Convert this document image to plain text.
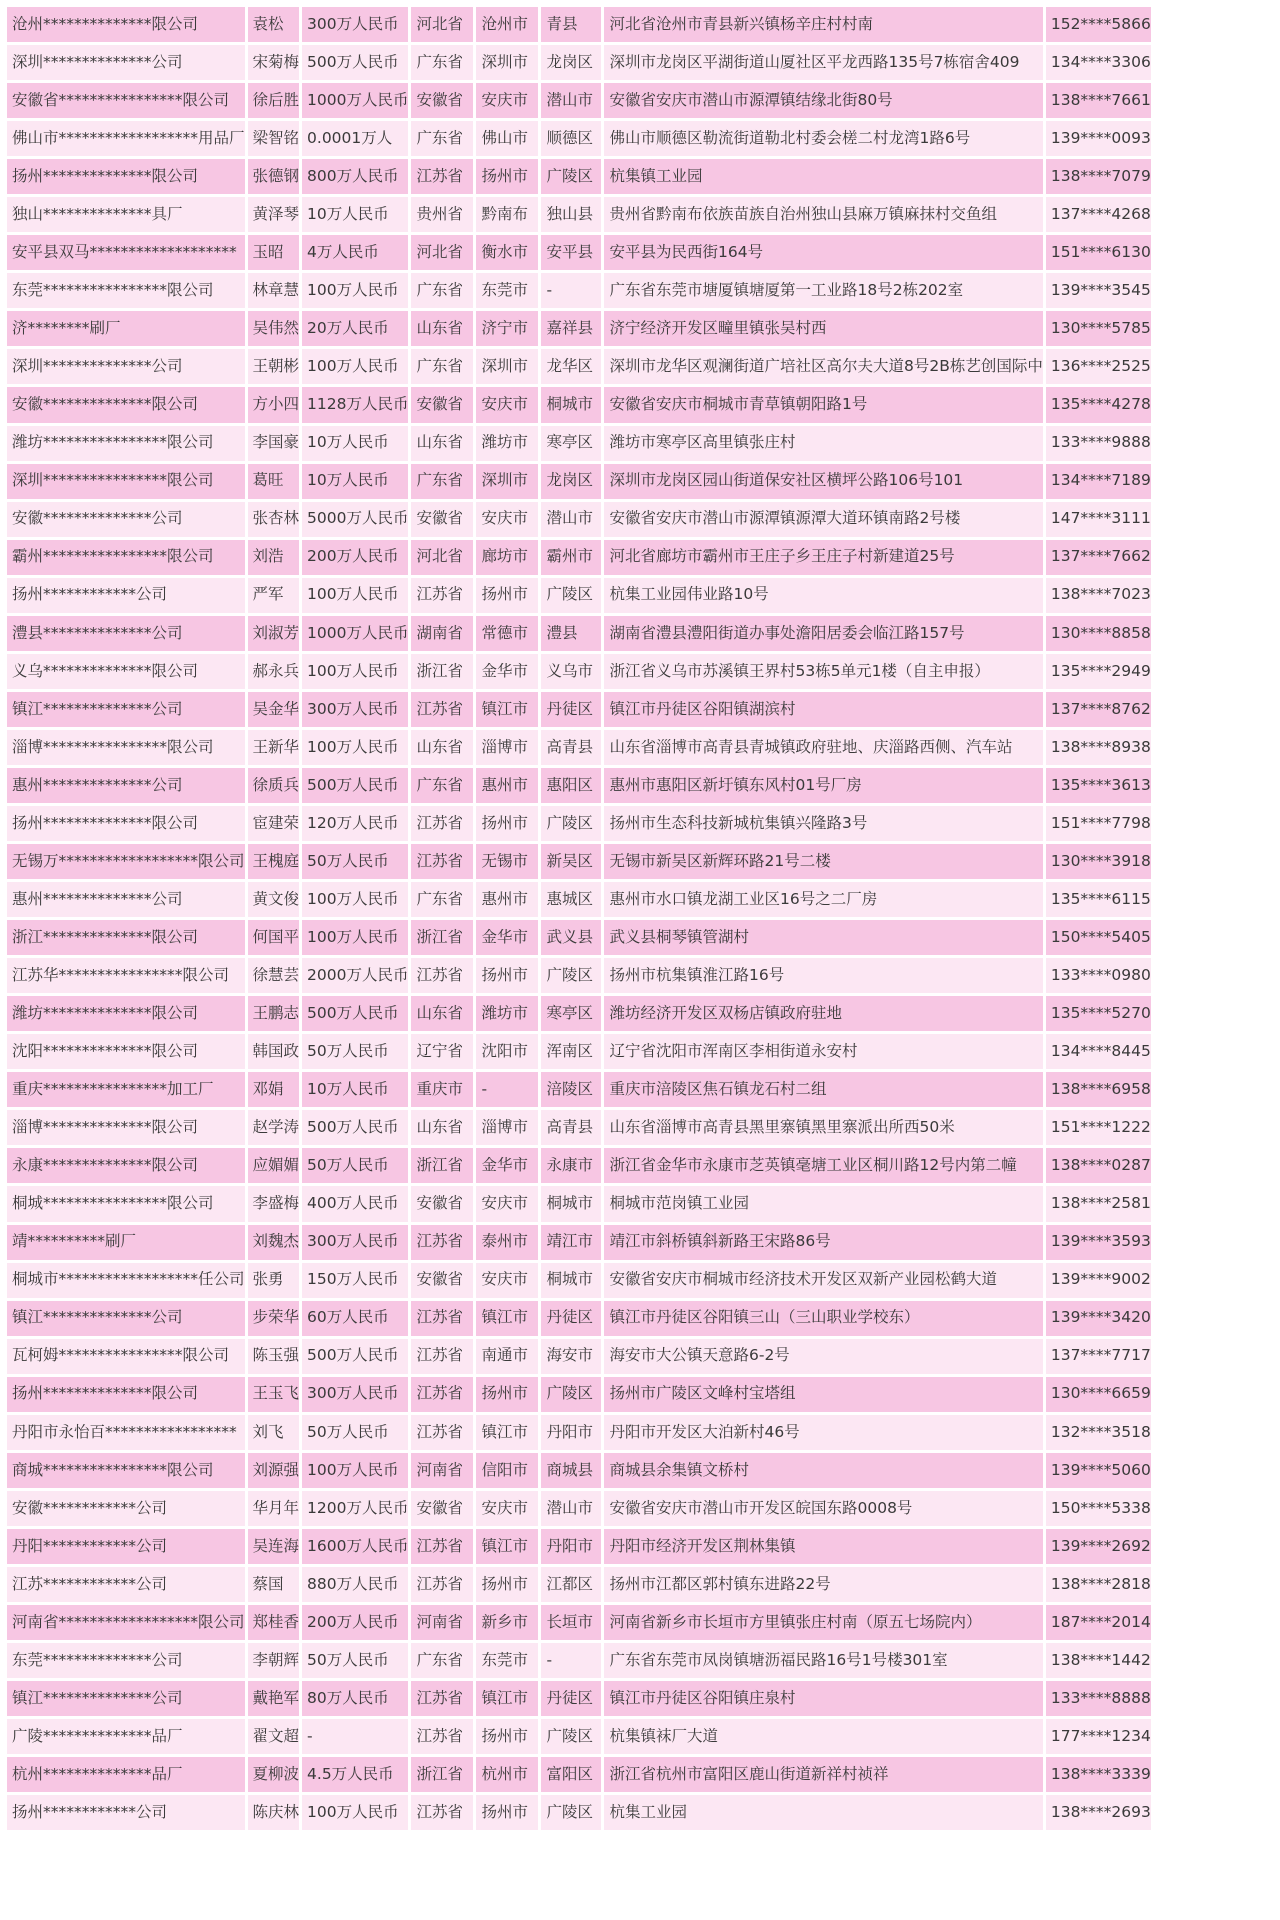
沧州**************限公司	袁松	300万人民币	河北省	沧州市	青县	河北省沧州市青县新兴镇杨辛庄村村南	152****5866
深圳**************公司	宋菊梅	500万人民币	广东省	深圳市	龙岗区	深圳市龙岗区平湖街道山厦社区平龙西路135号7栋宿舍409	134****3306
安徽省****************限公司	徐后胜	1000万人民币	安徽省	安庆市	潜山市	安徽省安庆市潜山市源潭镇结缘北街80号	138****7661
佛山市******************用品厂	梁智铭	0.0001万人	广东省	佛山市	顺德区	佛山市顺德区勒流街道勒北村委会槎二村龙湾1路6号	139****0093
扬州**************限公司	张德钢	800万人民币	江苏省	扬州市	广陵区	杭集镇工业园	138****7079
独山**************具厂	黄泽琴	10万人民币	贵州省	黔南布	独山县	贵州省黔南布依族苗族自治州独山县麻万镇麻抹村交鱼组	137****4268
安平县双马*******************	玉昭	4万人民币	河北省	衡水市	安平县	安平县为民西街164号	151****6130
东莞****************限公司	林章慧	100万人民币	广东省	东莞市	-	广东省东莞市塘厦镇塘厦第一工业路18号2栋202室	139****3545
济********刷厂	吴伟然	20万人民币	山东省	济宁市	嘉祥县	济宁经济开发区疃里镇张吴村西	130****5785
深圳**************公司	王朝彬	100万人民币	广东省	深圳市	龙华区	深圳市龙华区观澜街道广培社区高尔夫大道8号2B栋艺创国际中	136****2525
安徽**************限公司	方小四	1128万人民币	安徽省	安庆市	桐城市	安徽省安庆市桐城市青草镇朝阳路1号	135****4278
潍坊****************限公司	李国豪	10万人民币	山东省	潍坊市	寒亭区	潍坊市寒亭区高里镇张庄村	133****9888
深圳****************限公司	葛旺	10万人民币	广东省	深圳市	龙岗区	深圳市龙岗区园山街道保安社区横坪公路106号101	134****7189
安徽**************公司	张杏林	5000万人民币	安徽省	安庆市	潜山市	安徽省安庆市潜山市源潭镇源潭大道环镇南路2号楼	147****3111
霸州****************限公司	刘浩	200万人民币	河北省	廊坊市	霸州市	河北省廊坊市霸州市王庄子乡王庄子村新建道25号	137****7662
扬州************公司	严军	100万人民币	江苏省	扬州市	广陵区	杭集工业园伟业路10号	138****7023
澧县**************公司	刘淑芳	1000万人民币	湖南省	常德市	澧县	湖南省澧县澧阳街道办事处澹阳居委会临江路157号	130****8858
义乌**************限公司	郝永兵	100万人民币	浙江省	金华市	义乌市	浙江省义乌市苏溪镇王界村53栋5单元1楼（自主申报）	135****2949
镇江**************公司	吴金华	300万人民币	江苏省	镇江市	丹徒区	镇江市丹徒区谷阳镇湖滨村	137****8762
淄博****************限公司	王新华	100万人民币	山东省	淄博市	高青县	山东省淄博市高青县青城镇政府驻地、庆淄路西侧、汽车站	138****8938
惠州**************公司	徐质兵	500万人民币	广东省	惠州市	惠阳区	惠州市惠阳区新圩镇东风村01号厂房	135****3613
扬州**************限公司	宦建荣	120万人民币	江苏省	扬州市	广陵区	扬州市生态科技新城杭集镇兴隆路3号	151****7798
无锡万******************限公司	王槐庭	50万人民币	江苏省	无锡市	新吴区	无锡市新吴区新辉环路21号二楼	130****3918
惠州**************公司	黄文俊	100万人民币	广东省	惠州市	惠城区	惠州市水口镇龙湖工业区16号之二厂房	135****6115
浙江**************限公司	何国平	100万人民币	浙江省	金华市	武义县	武义县桐琴镇管湖村	150****5405
江苏华****************限公司	徐慧芸	2000万人民币	江苏省	扬州市	广陵区	扬州市杭集镇淮江路16号	133****0980
潍坊**************限公司	王鹏志	500万人民币	山东省	潍坊市	寒亭区	潍坊经济开发区双杨店镇政府驻地	135****5270
沈阳**************限公司	韩国政	50万人民币	辽宁省	沈阳市	浑南区	辽宁省沈阳市浑南区李相街道永安村	134****8445
重庆****************加工厂	邓娟	10万人民币	重庆市	-	涪陵区	重庆市涪陵区焦石镇龙石村二组	138****6958
淄博**************限公司	赵学涛	500万人民币	山东省	淄博市	高青县	山东省淄博市高青县黑里寨镇黑里寨派出所西50米	151****1222
永康**************限公司	应媚媚	50万人民币	浙江省	金华市	永康市	浙江省金华市永康市芝英镇毫塘工业区桐川路12号内第二幢	138****0287
桐城****************限公司	李盛梅	400万人民币	安徽省	安庆市	桐城市	桐城市范岗镇工业园	138****2581
靖**********刷厂	刘魏杰	300万人民币	江苏省	泰州市	靖江市	靖江市斜桥镇斜新路王宋路86号	139****3593
桐城市******************任公司	张勇	150万人民币	安徽省	安庆市	桐城市	安徽省安庆市桐城市经济技术开发区双新产业园松鹤大道	139****9002
镇江**************公司	步荣华	60万人民币	江苏省	镇江市	丹徒区	镇江市丹徒区谷阳镇三山（三山职业学校东）	139****3420
瓦柯姆****************限公司	陈玉强	500万人民币	江苏省	南通市	海安市	海安市大公镇天意路6-2号	137****7717
扬州**************限公司	王玉飞	300万人民币	江苏省	扬州市	广陵区	扬州市广陵区文峰村宝塔组	130****6659
丹阳市永怡百*****************	刘飞	50万人民币	江苏省	镇江市	丹阳市	丹阳市开发区大泊新村46号	132****3518
商城****************限公司	刘源强	100万人民币	河南省	信阳市	商城县	商城县余集镇文桥村	139****5060
安徽************公司	华月年	1200万人民币	安徽省	安庆市	潜山市	安徽省安庆市潜山市开发区皖国东路0008号	150****5338
丹阳************公司	吴连海	1600万人民币	江苏省	镇江市	丹阳市	丹阳市经济开发区荆林集镇	139****2692
江苏************公司	蔡国	880万人民币	江苏省	扬州市	江都区	扬州市江都区郭村镇东进路22号	138****2818
河南省******************限公司	郑桂香	200万人民币	河南省	新乡市	长垣市	河南省新乡市长垣市方里镇张庄村南（原五七场院内）	187****2014
东莞**************公司	李朝辉	50万人民币	广东省	东莞市	-	广东省东莞市凤岗镇塘沥福民路16号1号楼301室	138****1442
镇江**************公司	戴艳军	80万人民币	江苏省	镇江市	丹徒区	镇江市丹徒区谷阳镇庄泉村	133****8888
广陵**************品厂	翟文超	-	江苏省	扬州市	广陵区	杭集镇袜厂大道	177****1234
杭州**************品厂	夏柳波	4.5万人民币	浙江省	杭州市	富阳区	浙江省杭州市富阳区鹿山街道新祥村祯祥	138****3339
扬州************公司	陈庆林	100万人民币	江苏省	扬州市	广陵区	杭集工业园	138****2693
